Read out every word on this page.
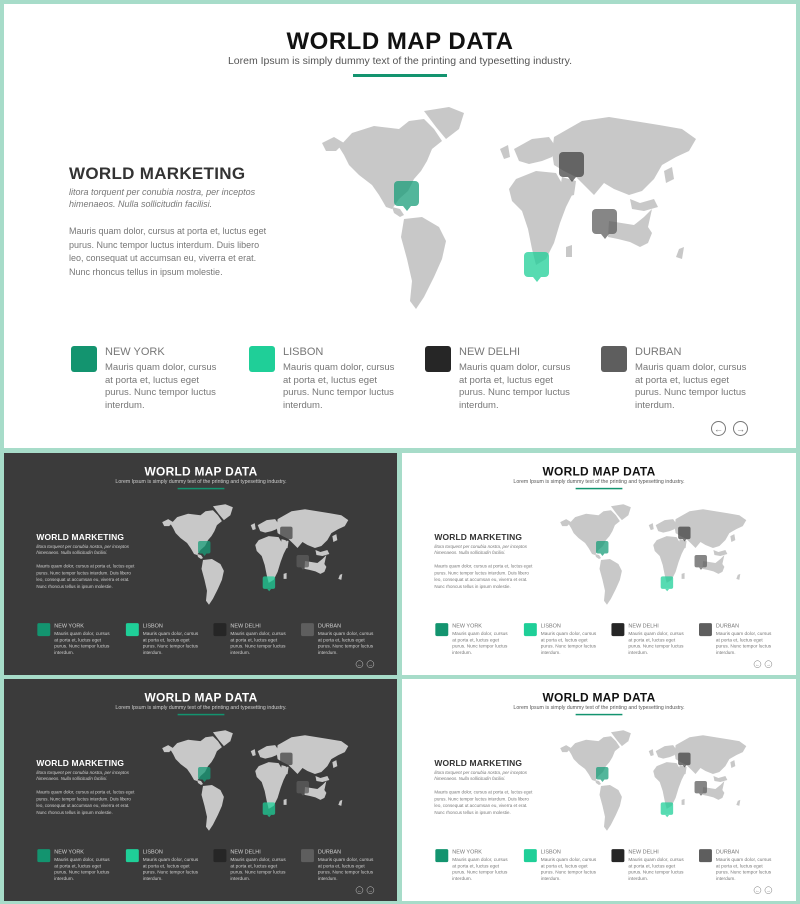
WORLD MAP DATA
Lorem Ipsum is simply dummy text of the printing and typesetting industry.
WORLD MARKETING
litora torquent per conubia nostra, per inceptos himenaeos. Nulla sollicitudin facilisi.
Mauris quam dolor, cursus at porta et, luctus eget purus. Nunc tempor luctus interdum. Duis libero leo, consequat ut accumsan eu, viverra et erat. Nunc rhoncus tellus in ipsum molestie.
NEW YORK
Mauris quam dolor, cursus at porta et, luctus eget purus. Nunc tempor luctus interdum.
LISBON
Mauris quam dolor, cursus at porta et, luctus eget purus. Nunc tempor luctus interdum.
NEW DELHI
Mauris quam dolor, cursus at porta et, luctus eget purus. Nunc tempor luctus interdum.
DURBAN
Mauris quam dolor, cursus at porta et, luctus eget purus. Nunc tempor luctus interdum.
←	→
WORLD MAP DATA
Lorem Ipsum is simply dummy text of the printing and typesetting industry.
WORLD MARKETING
litora torquent per conubia nostra, per inceptos himenaeos. Nulla sollicitudin facilisi.
Mauris quam dolor, cursus at porta et, luctus eget purus. Nunc tempor luctus interdum. Duis libero leo, consequat ut accumsan eu, viverra et erat. Nunc rhoncus tellus in ipsum molestie.
NEW YORK
Mauris quam dolor, cursus at porta et, luctus eget purus. Nunc tempor luctus interdum.
LISBON
Mauris quam dolor, cursus at porta et, luctus eget purus. Nunc tempor luctus interdum.
NEW DELHI
Mauris quam dolor, cursus at porta et, luctus eget purus. Nunc tempor luctus interdum.
DURBAN
Mauris quam dolor, cursus at porta et, luctus eget purus. Nunc tempor luctus interdum.
← →
WORLD MAP DATA
Lorem Ipsum is simply dummy text of the printing and typesetting industry.
WORLD MARKETING
litora torquent per conubia nostra, per inceptos himenaeos. Nulla sollicitudin facilisi.
Mauris quam dolor, cursus at porta et, luctus eget purus. Nunc tempor luctus interdum. Duis libero leo, consequat ut accumsan eu, viverra et erat. Nunc rhoncus tellus in ipsum molestie.
NEW YORK
Mauris quam dolor, cursus at porta et, luctus eget purus. Nunc tempor luctus interdum.
LISBON
Mauris quam dolor, cursus at porta et, luctus eget purus. Nunc tempor luctus interdum.
NEW DELHI
Mauris quam dolor, cursus at porta et, luctus eget purus. Nunc tempor luctus interdum.
DURBAN
Mauris quam dolor, cursus at porta et, luctus eget purus. Nunc tempor luctus interdum.
← →
WORLD MAP DATA
Lorem Ipsum is simply dummy text of the printing and typesetting industry.
WORLD MARKETING
litora torquent per conubia nostra, per inceptos himenaeos. Nulla sollicitudin facilisi.
Mauris quam dolor, cursus at porta et, luctus eget purus. Nunc tempor luctus interdum. Duis libero leo, consequat ut accumsan eu, viverra et erat. Nunc rhoncus tellus in ipsum molestie.
NEW YORK
Mauris quam dolor, cursus at porta et, luctus eget purus. Nunc tempor luctus interdum.
LISBON
Mauris quam dolor, cursus at porta et, luctus eget purus. Nunc tempor luctus interdum.
NEW DELHI
Mauris quam dolor, cursus at porta et, luctus eget purus. Nunc tempor luctus interdum.
DURBAN
Mauris quam dolor, cursus at porta et, luctus eget purus. Nunc tempor luctus interdum.
← →
WORLD MAP DATA
Lorem Ipsum is simply dummy text of the printing and typesetting industry.
WORLD MARKETING
litora torquent per conubia nostra, per inceptos himenaeos. Nulla sollicitudin facilisi.
Mauris quam dolor, cursus at porta et, luctus eget purus. Nunc tempor luctus interdum. Duis libero leo, consequat ut accumsan eu, viverra et erat. Nunc rhoncus tellus in ipsum molestie.
NEW YORK
Mauris quam dolor, cursus at porta et, luctus eget purus. Nunc tempor luctus interdum.
LISBON
Mauris quam dolor, cursus at porta et, luctus eget purus. Nunc tempor luctus interdum.
NEW DELHI
Mauris quam dolor, cursus at porta et, luctus eget purus. Nunc tempor luctus interdum.
DURBAN
Mauris quam dolor, cursus at porta et, luctus eget purus. Nunc tempor luctus interdum.
← →
